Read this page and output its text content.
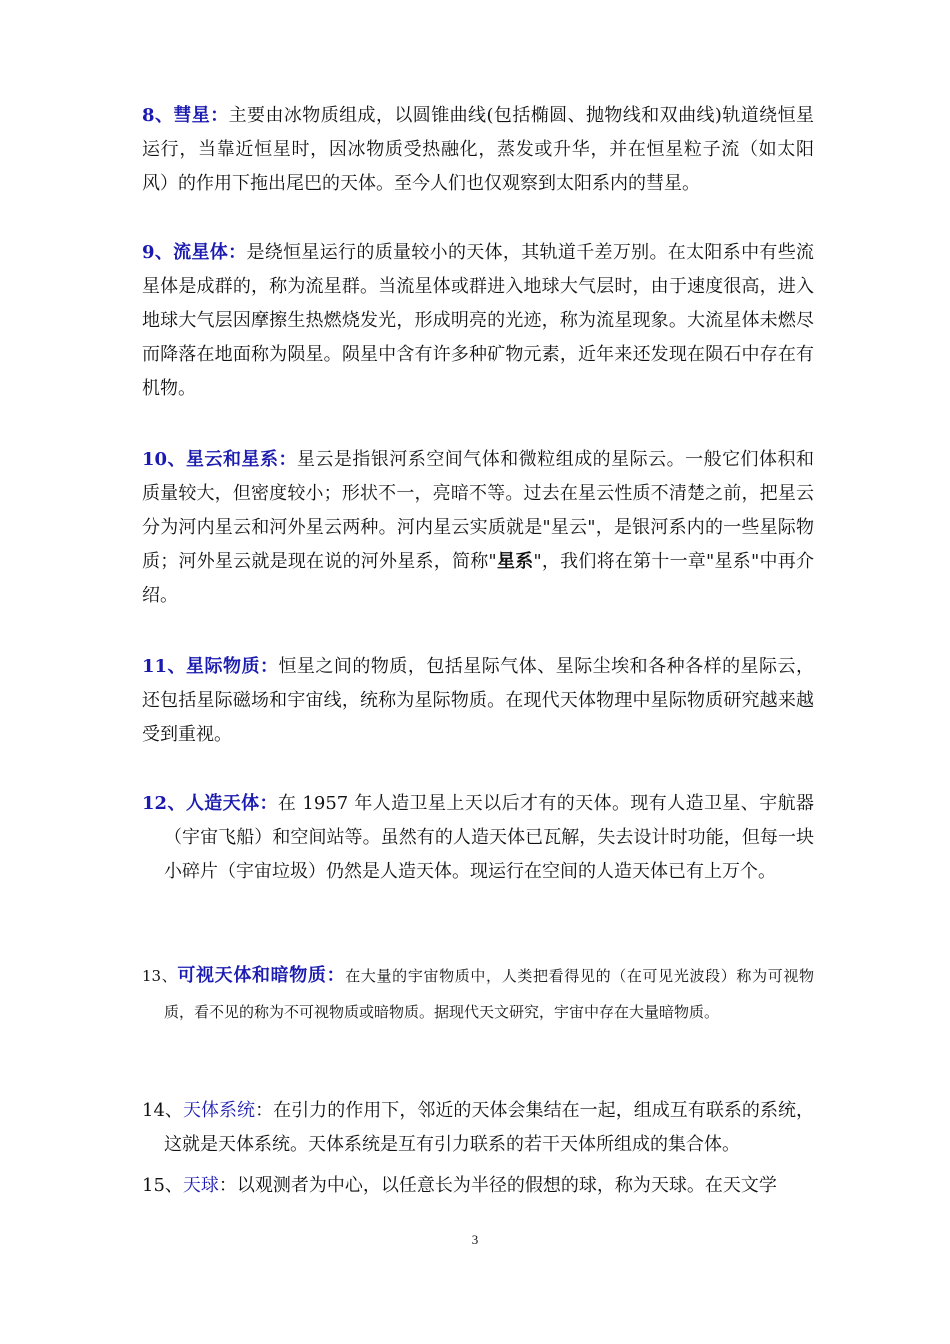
8、彗星：主要由冰物质组成，以圆锥曲线(包括椭圆、抛物线和双曲线)轨道绕恒星运行，当靠近恒星时，因冰物质受热融化，蒸发或升华，并在恒星粒子流（如太阳风）的作用下拖出尾巴的天体。至今人们也仅观察到太阳系内的彗星。

9、流星体：是绕恒星运行的质量较小的天体，其轨道千差万别。在太阳系中有些流星体是成群的，称为流星群。当流星体或群进入地球大气层时，由于速度很高，进入地球大气层因摩擦生热燃烧发光，形成明亮的光迹，称为流星现象。大流星体未燃尽而降落在地面称为陨星。陨星中含有许多种矿物元素，近年来还发现在陨石中存在有机物。

10、星云和星系：星云是指银河系空间气体和微粒组成的星际云。一般它们体积和质量较大，但密度较小；形状不一，亮暗不等。过去在星云性质不清楚之前，把星云分为河内星云和河外星云两种。河内星云实质就是"星云"，是银河系内的一些星际物质；河外星云就是现在说的河外星系，简称"星系"，我们将在第十一章"星系"中再介绍。

11、星际物质：恒星之间的物质，包括星际气体、星际尘埃和各种各样的星际云，还包括星际磁场和宇宙线，统称为星际物质。在现代天体物理中星际物质研究越来越受到重视。

12、人造天体：在 1957 年人造卫星上天以后才有的天体。现有人造卫星、宇航器（宇宙飞船）和空间站等。虽然有的人造天体已瓦解，失去设计时功能，但每一块小碎片（宇宙垃圾）仍然是人造天体。现运行在空间的人造天体已有上万个。

13、可视天体和暗物质：在大量的宇宙物质中，人类把看得见的（在可见光波段）称为可视物质，看不见的称为不可视物质或暗物质。据现代天文研究，宇宙中存在大量暗物质。

14、天体系统：在引力的作用下，邻近的天体会集结在一起，组成互有联系的系统，这就是天体系统。天体系统是互有引力联系的若干天体所组成的集合体。

15、天球：以观测者为中心，以任意长为半径的假想的球，称为天球。在天文学

3
